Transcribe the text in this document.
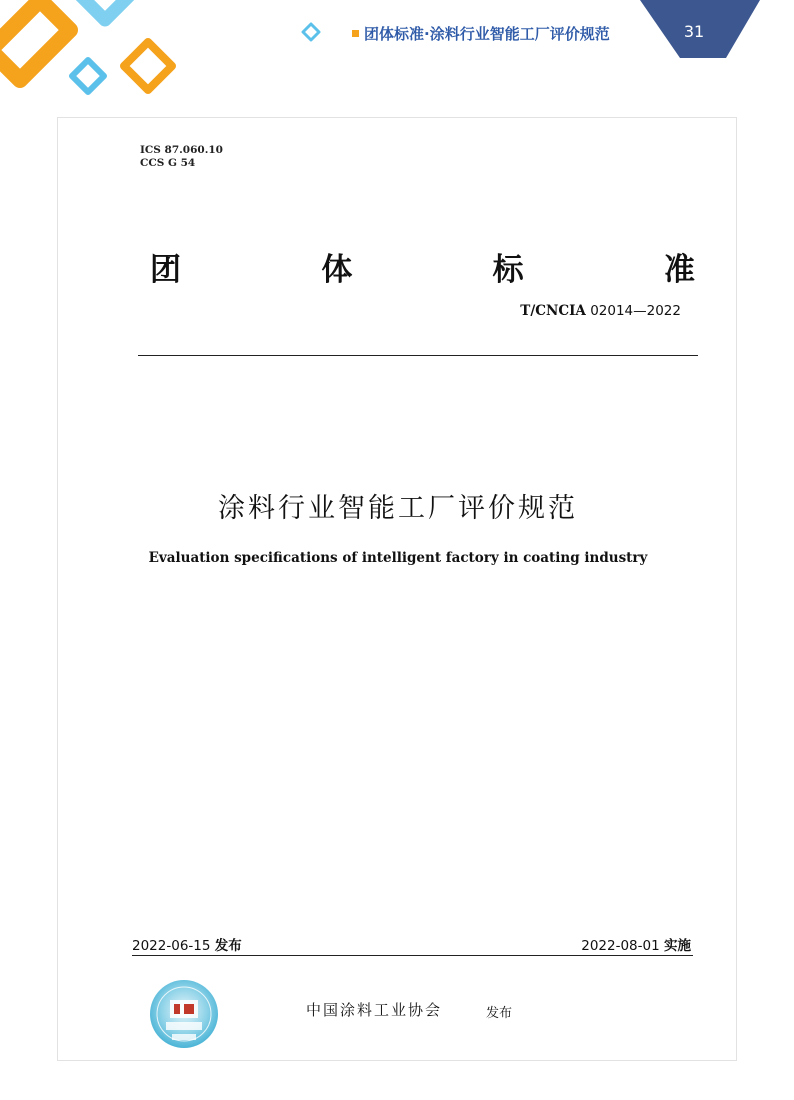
团体标准·涂料行业智能工厂评价规范	31
ICS 87.060.10
CCS G 54
团	体	标	准
T/CNCIA 02014—2022
涂料行业智能工厂评价规范
Evaluation specifications of intelligent factory in coating industry
2022-06-15 发布	2022-08-01 实施
中国涂料工业协会	发布
